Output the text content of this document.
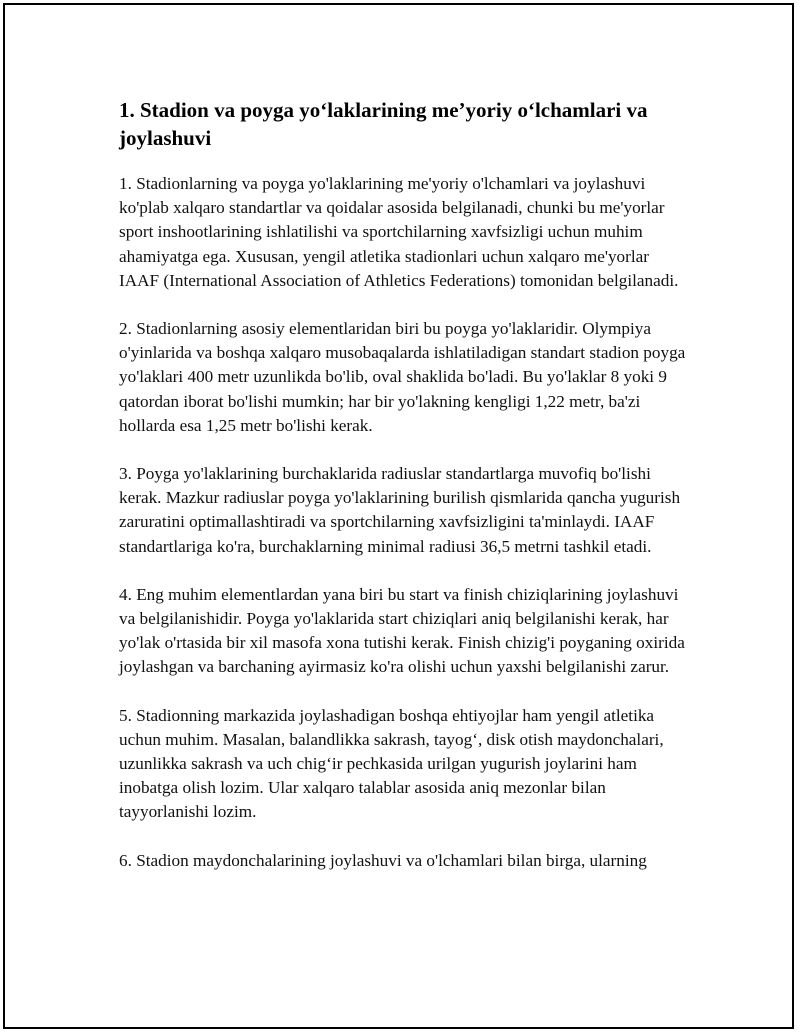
1. Stadion va poyga yo‘laklarining me’yoriy o‘lchamlari va joylashuvi

1. Stadionlarning va poyga yo'laklarining me'yoriy o'lchamlari va joylashuvi ko'plab xalqaro standartlar va qoidalar asosida belgilanadi, chunki bu me'yorlar sport inshootlarining ishlatilishi va sportchilarning xavfsizligi uchun muhim ahamiyatga ega. Xususan, yengil atletika stadionlari uchun xalqaro me'yorlar IAAF (International Association of Athletics Federations) tomonidan belgilanadi.

2. Stadionlarning asosiy elementlaridan biri bu poyga yo'laklaridir. Olympiya o'yinlarida va boshqa xalqaro musobaqalarda ishlatiladigan standart stadion poyga yo'laklari 400 metr uzunlikda bo'lib, oval shaklida bo'ladi. Bu yo'laklar 8 yoki 9 qatordan iborat bo'lishi mumkin; har bir yo'lakning kengligi 1,22 metr, ba'zi hollarda esa 1,25 metr bo'lishi kerak.

3. Poyga yo'laklarining burchaklarida radiuslar standartlarga muvofiq bo'lishi kerak. Mazkur radiuslar poyga yo'laklarining burilish qismlarida qancha yugurish zaruratini optimallashtiradi va sportchilarning xavfsizligini ta'minlaydi. IAAF standartlariga ko'ra, burchaklarning minimal radiusi 36,5 metrni tashkil etadi.

4. Eng muhim elementlardan yana biri bu start va finish chiziqlarining joylashuvi va belgilanishidir. Poyga yo'laklarida start chiziqlari aniq belgilanishi kerak, har yo'lak o'rtasida bir xil masofa xona tutishi kerak. Finish chizig'i poyganing oxirida joylashgan va barchaning ayirmasiz ko'ra olishi uchun yaxshi belgilanishi zarur.

5. Stadionning markazida joylashadigan boshqa ehtiyojlar ham yengil atletika uchun muhim. Masalan, balandlikka sakrash, tayog‘, disk otish maydonchalari, uzunlikka sakrash va uch chig‘ir pechkasida urilgan yugurish joylarini ham inobatga olish lozim. Ular xalqaro talablar asosida aniq mezonlar bilan tayyorlanishi lozim.

6. Stadion maydonchalarining joylashuvi va o'lchamlari bilan birga, ularning
